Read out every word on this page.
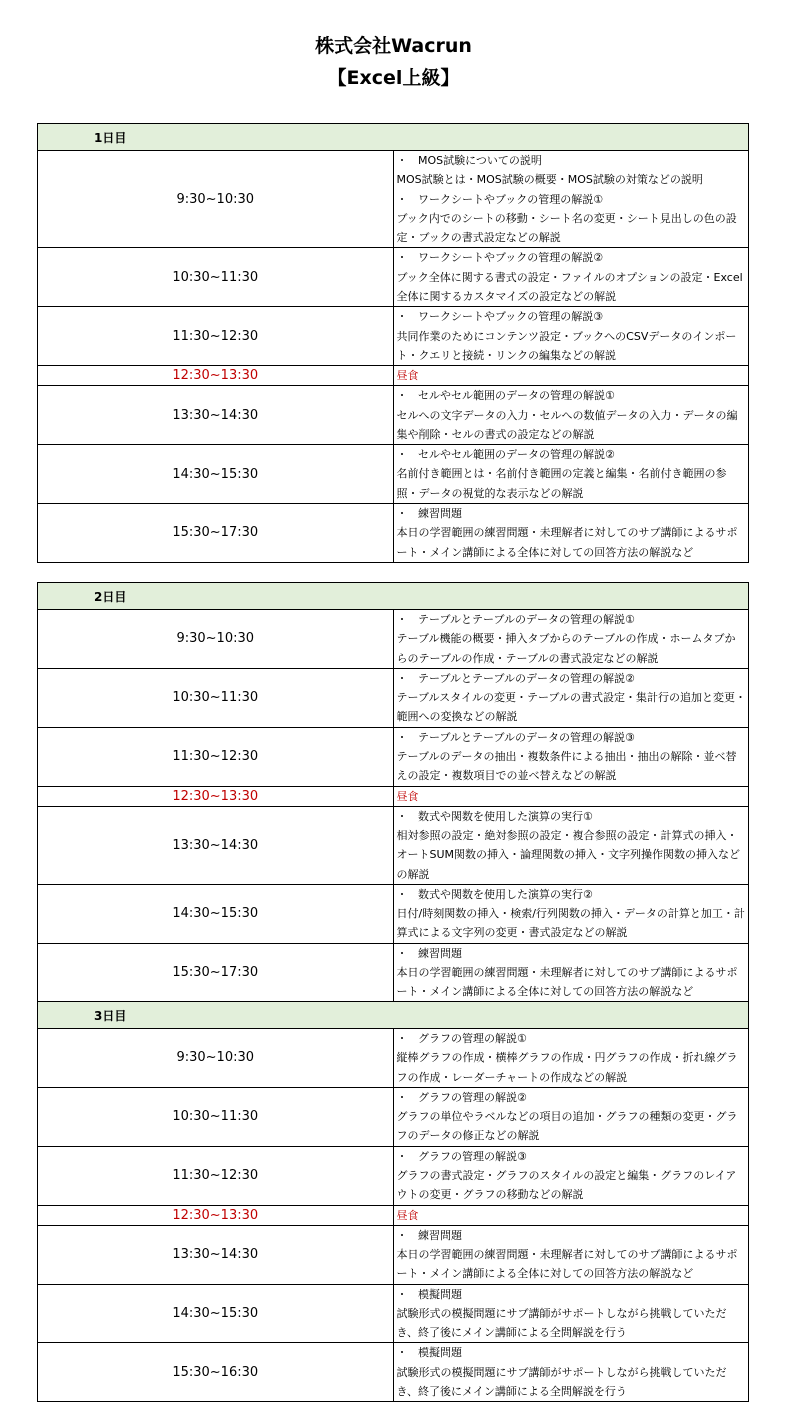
株式会社Wacrun
【Excel上級】
1日目	
9:30~10:30	・   MOS試験についての説明
MOS試験とは・MOS試験の概要・MOS試験の対策などの説明
・   ワークシートやブックの管理の解説①
ブック内でのシートの移動・シート名の変更・シート見出しの色の設定・ブックの書式設定などの解説

10:30~11:30	・   ワークシートやブックの管理の解説②
ブック全体に関する書式の設定・ファイルのオプションの設定・Excel全体に関するカスタマイズの設定などの解説

11:30~12:30	・   ワークシートやブックの管理の解説③
共同作業のためにコンテンツ設定・ブックへのCSVデータのインポート・クエリと接続・リンクの編集などの解説

12:30~13:30	昼食
13:30~14:30	・   セルやセル範囲のデータの管理の解説①
セルへの文字データの入力・セルへの数値データの入力・データの編集や削除・セルの書式の設定などの解説

14:30~15:30	・   セルやセル範囲のデータの管理の解説②
名前付き範囲とは・名前付き範囲の定義と編集・名前付き範囲の参照・データの視覚的な表示などの解説

15:30~17:30	・   練習問題
本日の学習範囲の練習問題・未理解者に対してのサブ講師によるサポート・メイン講師による全体に対しての回答方法の解説など
2日目	
9:30~10:30	・   テーブルとテーブルのデータの管理の解説①
テーブル機能の概要・挿入タブからのテーブルの作成・ホームタブからのテーブルの作成・テーブルの書式設定などの解説

10:30~11:30	・   テーブルとテーブルのデータの管理の解説②
テーブルスタイルの変更・テーブルの書式設定・集計行の追加と変更・範囲への変換などの解説

11:30~12:30	・   テーブルとテーブルのデータの管理の解説③
テーブルのデータの抽出・複数条件による抽出・抽出の解除・並べ替えの設定・複数項目での並べ替えなどの解説

12:30~13:30	昼食
13:30~14:30	・   数式や関数を使用した演算の実行①
相対参照の設定・絶対参照の設定・複合参照の設定・計算式の挿入・オートSUM関数の挿入・論理関数の挿入・文字列操作関数の挿入などの解説

14:30~15:30	・   数式や関数を使用した演算の実行②
日付/時刻関数の挿入・検索/行列関数の挿入・データの計算と加工・計算式による文字列の変更・書式設定などの解説

15:30~17:30	・   練習問題
本日の学習範囲の練習問題・未理解者に対してのサブ講師によるサポート・メイン講師による全体に対しての回答方法の解説など
3日目	
9:30~10:30	・   グラフの管理の解説①
縦棒グラフの作成・横棒グラフの作成・円グラフの作成・折れ線グラフの作成・レーダーチャートの作成などの解説

10:30~11:30	・   グラフの管理の解説②
グラフの単位やラベルなどの項目の追加・グラフの種類の変更・グラフのデータの修正などの解説

11:30~12:30	・   グラフの管理の解説③
グラフの書式設定・グラフのスタイルの設定と編集・グラフのレイアウトの変更・グラフの移動などの解説

12:30~13:30	昼食
13:30~14:30	・   練習問題
本日の学習範囲の練習問題・未理解者に対してのサブ講師によるサポート・メイン講師による全体に対しての回答方法の解説など

14:30~15:30	・   模擬問題
試験形式の模擬問題にサブ講師がサポートしながら挑戦していただき、終了後にメイン講師による全問解説を行う

15:30~16:30	・   模擬問題
試験形式の模擬問題にサブ講師がサポートしながら挑戦していただき、終了後にメイン講師による全問解説を行う
